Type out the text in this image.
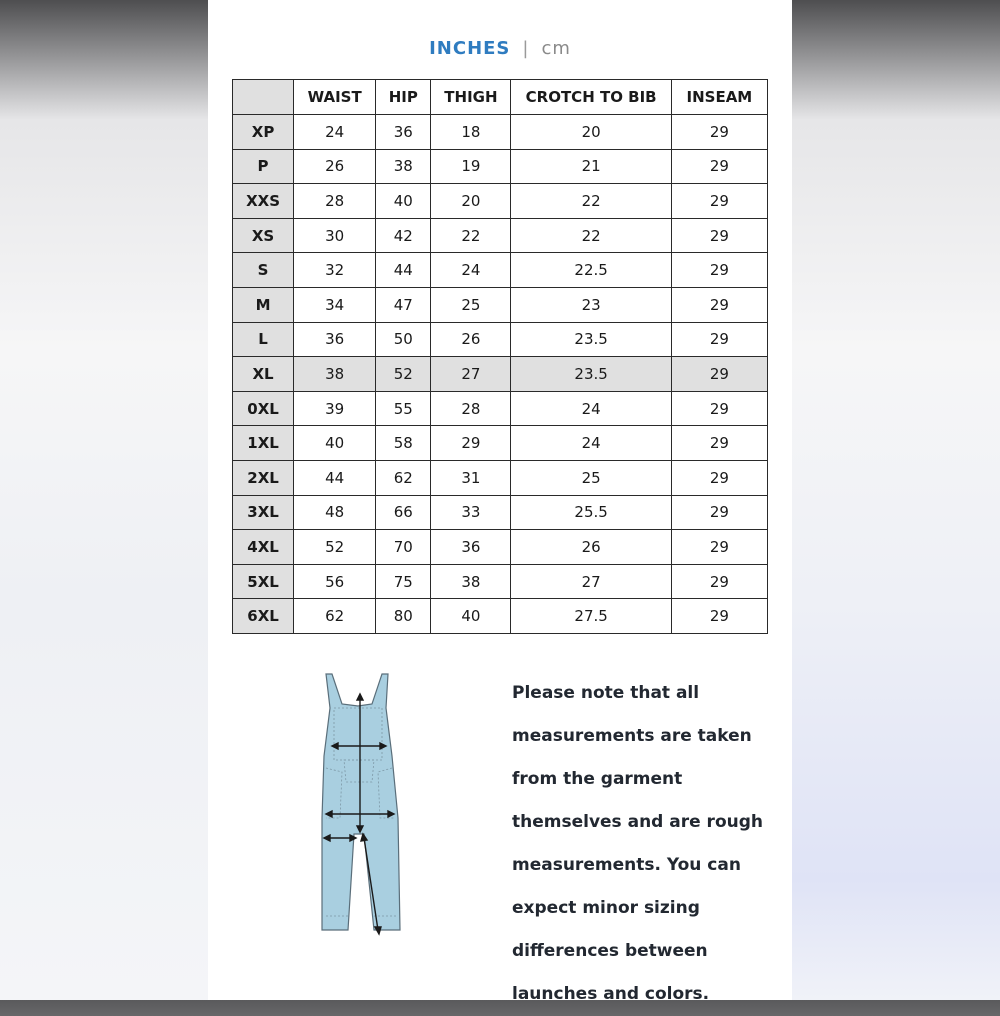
INCHES | cm
	WAIST	HIP	THIGH	CROTCH TO BIB	INSEAM
XP	24	36	18	20	29
P	26	38	19	21	29
XXS	28	40	20	22	29
XS	30	42	22	22	29
S	32	44	24	22.5	29
M	34	47	25	23	29
L	36	50	26	23.5	29
XL	38	52	27	23.5	29
0XL	39	55	28	24	29
1XL	40	58	29	24	29
2XL	44	62	31	25	29
3XL	48	66	33	25.5	29
4XL	52	70	36	26	29
5XL	56	75	38	27	29
6XL	62	80	40	27.5	29
Please note that all measurements are taken from the garment themselves and are rough measurements. You can expect minor sizing differences between launches and colors.
